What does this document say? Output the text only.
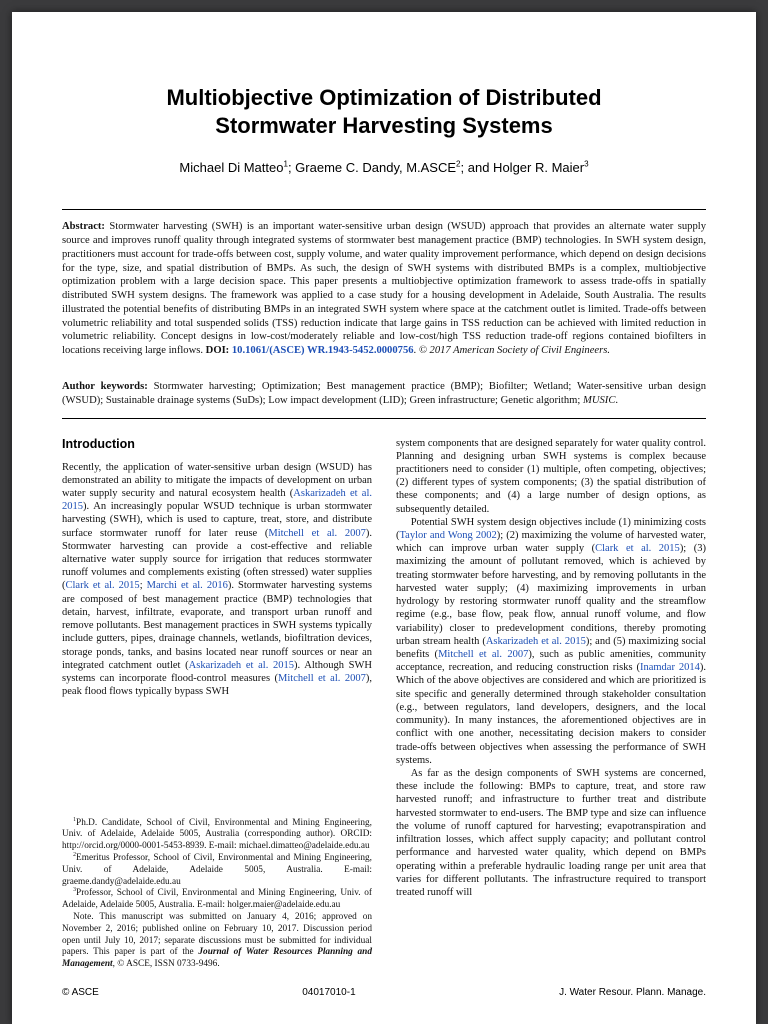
Multiobjective Optimization of Distributed
Stormwater Harvesting Systems
Michael Di Matteo$^1$; Graeme C. Dandy, M.ASCE$^2$; and Holger R. Maier$^3$

Abstract: Stormwater harvesting (SWH) is an important water-sensitive urban design (WSUD) approach that provides an alternate water supply source and improves runoff quality through integrated systems of stormwater best management practice (BMP) technologies. In SWH system design, practitioners must account for trade-offs between cost, supply volume, and water quality improvement performance, which depend on design decisions for the type, size, and spatial distribution of BMPs. As such, the design of SWH systems with distributed BMPs is a complex, multiobjective optimization problem with a large decision space. This paper presents a multiobjective optimization framework to assess trade-offs in spatially distributed SWH system designs. The framework was applied to a case study for a housing development in Adelaide, South Australia. The results illustrated the potential benefits of distributing BMPs in an integrated SWH system where space at the catchment outlet is limited. Trade-offs between volumetric reliability and total suspended solids (TSS) reduction indicate that large gains in TSS reduction can be achieved with limited reduction in volumetric reliability. Concept designs in low-cost/moderately reliable and low-cost/high TSS reduction trade-off regions contained biofilters in locations receiving large inflows. DOI: 10.1061/(ASCE) WR.1943-5452.0000756. © 2017 American Society of Civil Engineers.

Author keywords: Stormwater harvesting; Optimization; Best management practice (BMP); Biofilter; Wetland; Water-sensitive urban design (WSUD); Sustainable drainage systems (SuDs); Low impact development (LID); Green infrastructure; Genetic algorithm; MUSIC.

Introduction

Recently, the application of water-sensitive urban design (WSUD) has demonstrated an ability to mitigate the impacts of development on urban water supply security and natural ecosystem health (Askarizadeh et al. 2015). An increasingly popular WSUD technique is urban stormwater harvesting (SWH), which is used to capture, treat, store, and distribute surface stormwater runoff for later reuse (Mitchell et al. 2007). Stormwater harvesting can provide a cost-effective and reliable alternative water supply source for irrigation that reduces stormwater runoff volumes and complements existing (often stressed) water supplies (Clark et al. 2015; Marchi et al. 2016). Stormwater harvesting systems are composed of best management practice (BMP) technologies that detain, harvest, infiltrate, evaporate, and transport urban runoff and remove pollutants. Best management practices in SWH systems typically include gutters, pipes, drainage channels, wetlands, biofiltration devices, storage ponds, tanks, and basins located near runoff sources or near an integrated catchment outlet (Askarizadeh et al. 2015). Although SWH systems can incorporate flood-control measures (Mitchell et al. 2007), peak flood flows typically bypass SWH

$^1$Ph.D. Candidate, School of Civil, Environmental and Mining Engineering, Univ. of Adelaide, Adelaide 5005, Australia (corresponding author). ORCID: http://orcid.org/0000-0001-5453-8939. E-mail: michael.dimatteo@adelaide.edu.au

$^2$Emeritus Professor, School of Civil, Environmental and Mining Engineering, Univ. of Adelaide, Adelaide 5005, Australia. E-mail: graeme.dandy@adelaide.edu.au

$^3$Professor, School of Civil, Environmental and Mining Engineering, Univ. of Adelaide, Adelaide 5005, Australia. E-mail: holger.maier@adelaide.edu.au

Note. This manuscript was submitted on January 4, 2016; approved on November 2, 2016; published online on February 10, 2017. Discussion period open until July 10, 2017; separate discussions must be submitted for individual papers. This paper is part of the Journal of Water Resources Planning and Management, © ASCE, ISSN 0733-9496.

system components that are designed separately for water quality control. Planning and designing urban SWH systems is complex because practitioners need to consider (1) multiple, often competing, objectives; (2) different types of system components; (3) the spatial distribution of these components; and (4) a large number of design options, as subsequently detailed.

Potential SWH system design objectives include (1) minimizing costs (Taylor and Wong 2002); (2) maximizing the volume of harvested water, which can improve urban water supply (Clark et al. 2015); (3) maximizing the amount of pollutant removed, which is achieved by treating stormwater before harvesting, and by removing pollutants in the harvested water supply; (4) maximizing improvements in urban hydrology by restoring stormwater runoff quality and the streamflow regime (e.g., base flow, peak flow, annual runoff volume, and flow variability) closer to predevelopment conditions, thereby promoting urban stream health (Askarizadeh et al. 2015); and (5) maximizing social benefits (Mitchell et al. 2007), such as public amenities, community acceptance, recreation, and reducing construction risks (Inamdar 2014). Which of the above objectives are considered and which are prioritized is site specific and generally determined through stakeholder consultation (e.g., between regulators, land developers, designers, and the local community). In many instances, the aforementioned objectives are in conflict with one another, necessitating decision makers to consider trade-offs between objectives when assessing the performance of SWH systems.

As far as the design components of SWH systems are concerned, these include the following: BMPs to capture, treat, and store raw harvested runoff; and infrastructure to further treat and distribute harvested stormwater to end-users. The BMP type and size can influence the volume of runoff captured for harvesting; evapotranspiration and infiltration losses, which affect supply capacity; and pollutant control performance and harvested water quality, which depend on BMPs operating within a preferable hydraulic loading range per unit area that varies for different pollutants. The infrastructure required to transport treated runoff will

© ASCE	04017010-1	J. Water Resour. Plann. Manage.
